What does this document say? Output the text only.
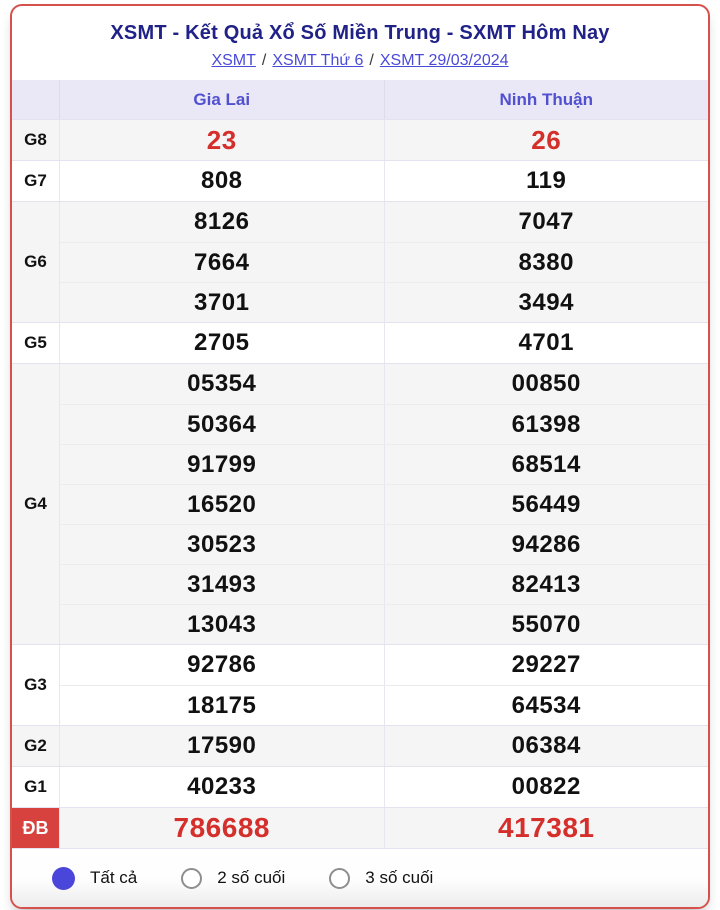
XSMT - Kết Quả Xổ Số Miền Trung - SXMT Hôm Nay
XSMT / XSMT Thứ 6 / XSMT 29/03/2024
Gia Lai	Ninh Thuận
G8	23	26
G7	808	119
G6
8126	7047
7664	8380
3701	3494
G5	2705	4701
G4
05354	00850
50364	61398
91799	68514
16520	56449
30523	94286
31493	82413
13043	55070
G3
92786	29227
18175	64534
G2	17590	06384
G1	40233	00822
ĐB	786688	417381
Tất cả	2 số cuối	3 số cuối
